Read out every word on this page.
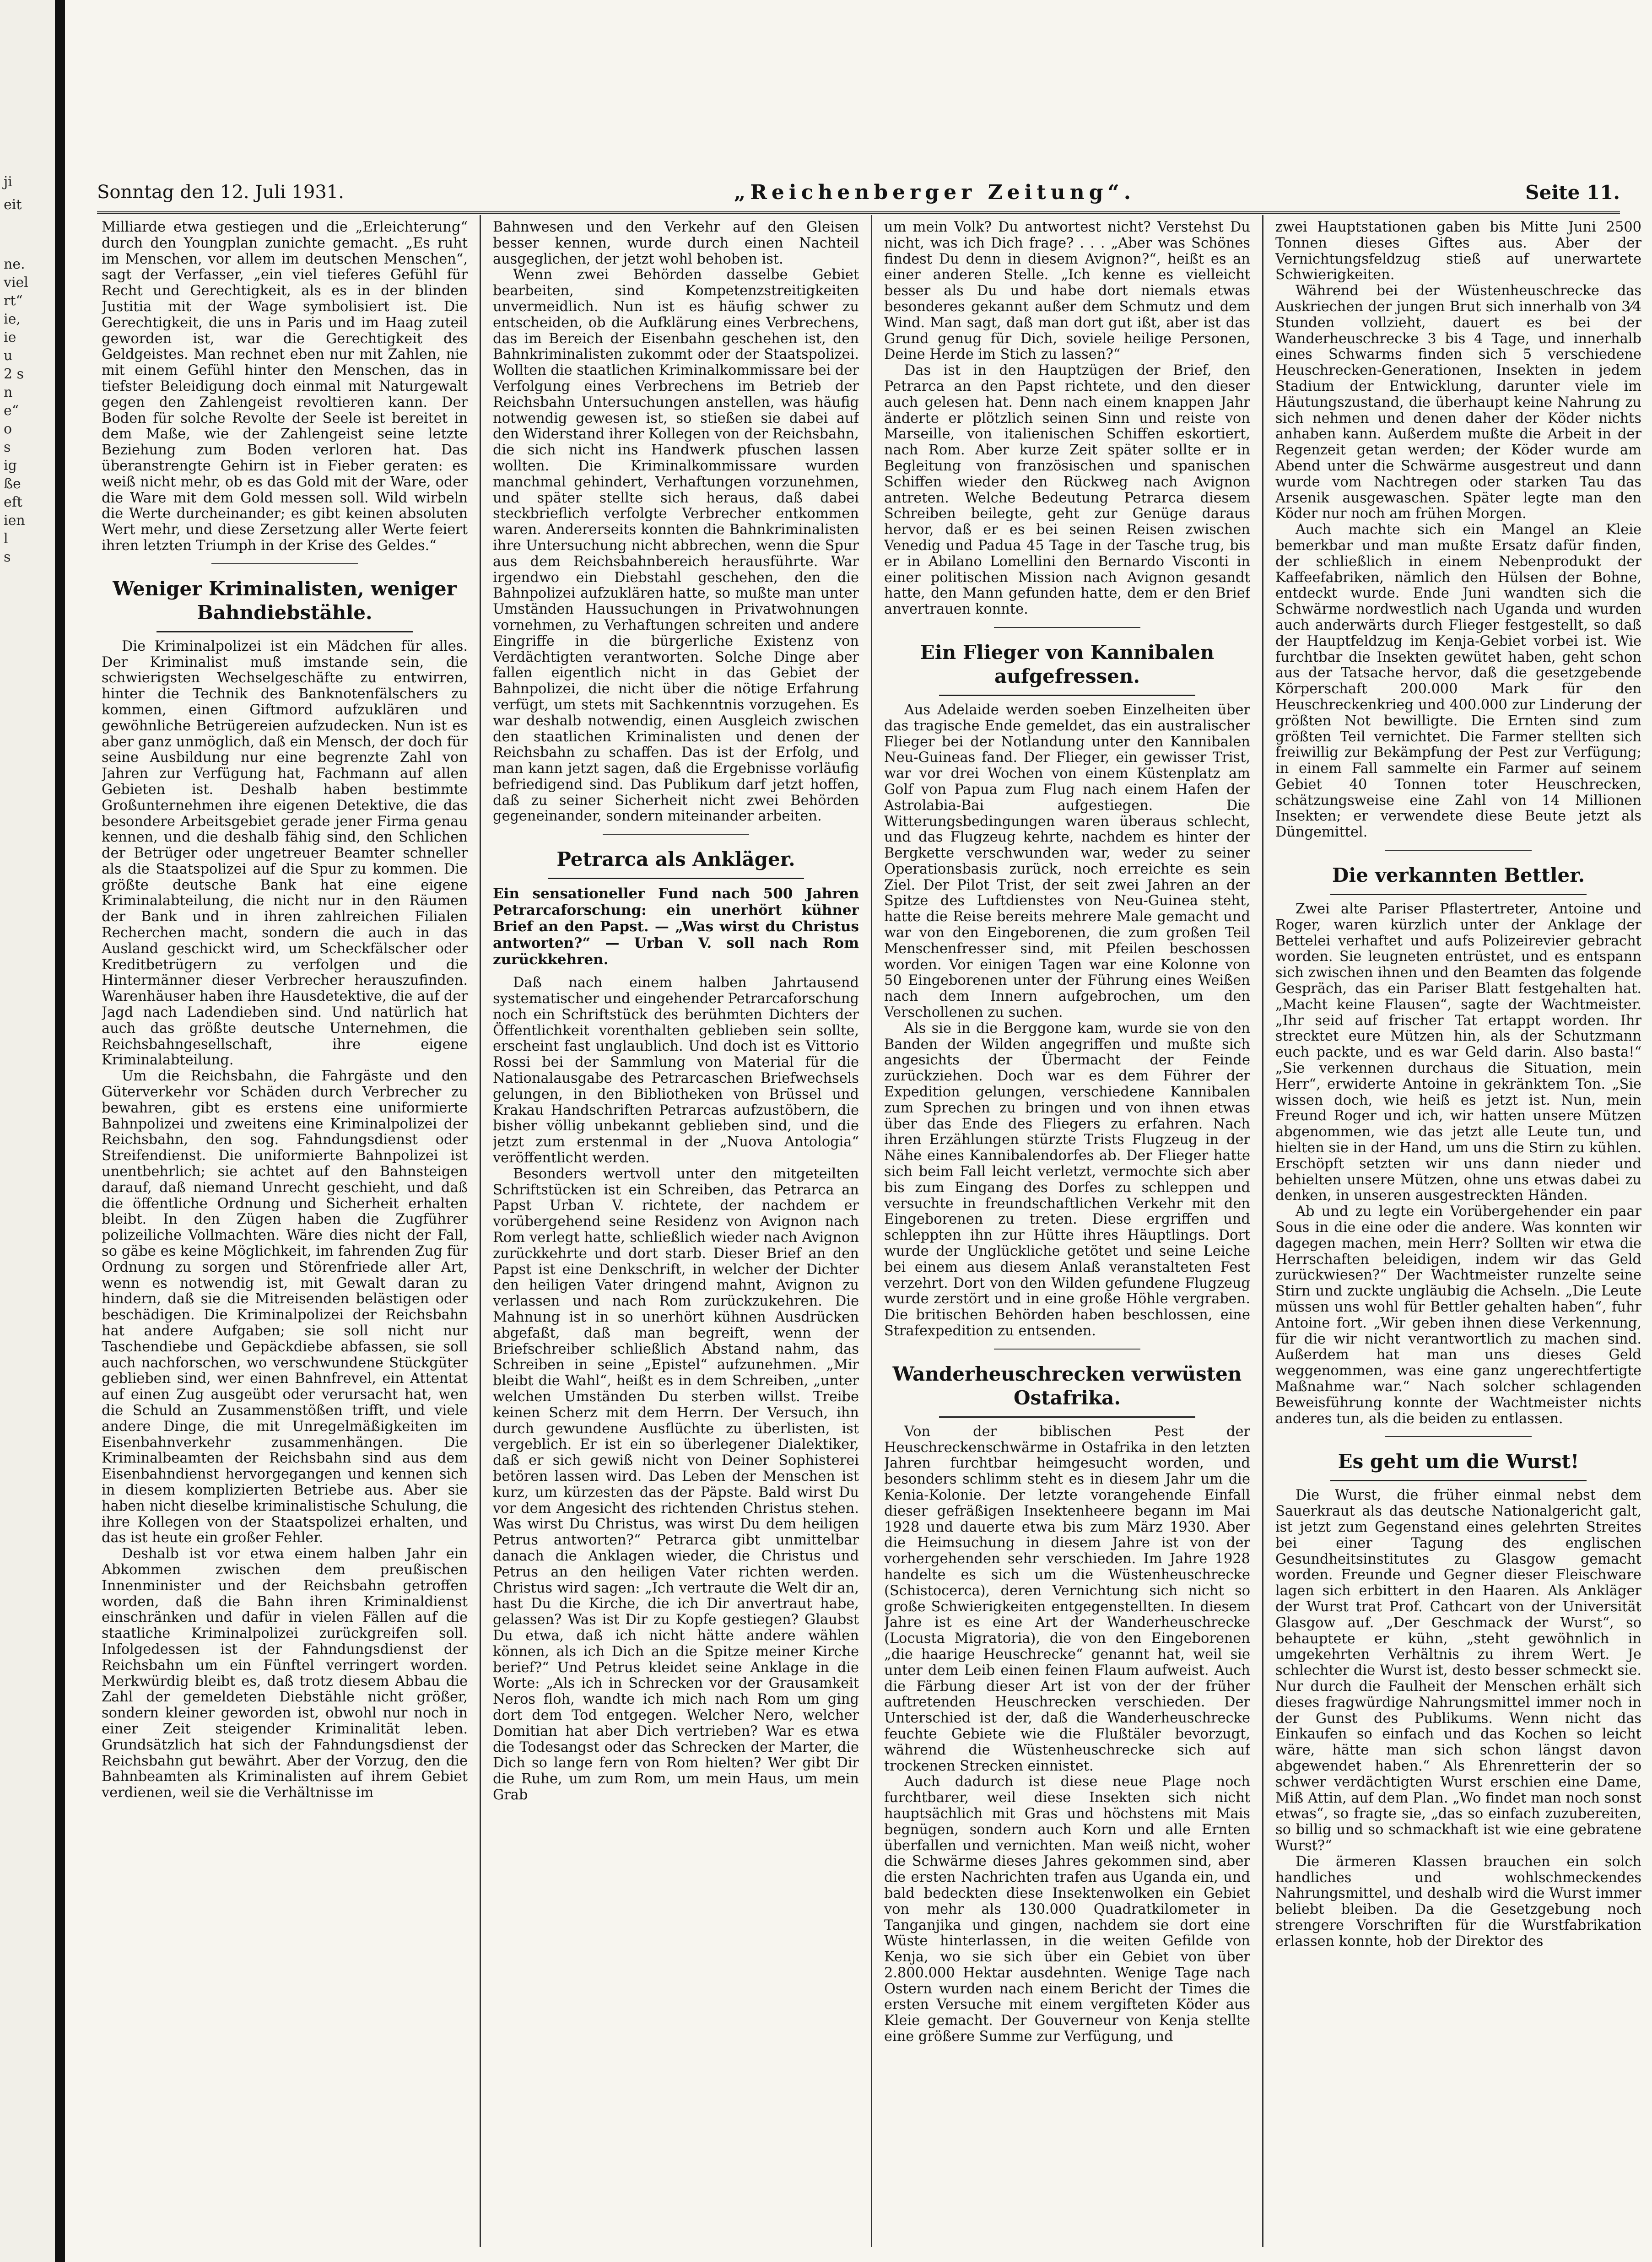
ji
eit
ne.
viel
rt“
ie,
ie
u
2 s
n
e“
o
s
ig
ße
eft
ien
l
s
Sonntag den 12. Juli 1931.	„Reichenberger Zeitung“.	Seite 11.

Milliarde etwa gestiegen und die „Erleichterung“ durch den Youngplan zunichte gemacht. „Es ruht im Menschen, vor allem im deutschen Menschen“, sagt der Verfasser, „ein viel tieferes Gefühl für Recht und Gerechtigkeit, als es in der blinden Justitia mit der Wage symbolisiert ist. Die Gerechtigkeit, die uns in Paris und im Haag zuteil geworden ist, war die Gerechtigkeit des Geldgeistes. Man rechnet eben nur mit Zahlen, nie mit einem Gefühl hinter den Menschen, das in tiefster Beleidigung doch einmal mit Naturgewalt gegen den Zahlengeist revoltieren kann. Der Boden für solche Revolte der Seele ist bereitet in dem Maße, wie der Zahlengeist seine letzte Beziehung zum Boden verloren hat. Das überanstrengte Gehirn ist in Fieber geraten: es weiß nicht mehr, ob es das Gold mit der Ware, oder die Ware mit dem Gold messen soll. Wild wirbeln die Werte durcheinander; es gibt keinen absoluten Wert mehr, und diese Zersetzung aller Werte feiert ihren letzten Triumph in der Krise des Geldes.“

Weniger Kriminalisten, weniger Bahndiebstähle.

Die Kriminalpolizei ist ein Mädchen für alles. Der Kriminalist muß imstande sein, die schwierigsten Wechselgeschäfte zu entwirren, hinter die Technik des Banknotenfälschers zu kommen, einen Giftmord aufzuklären und gewöhnliche Betrügereien aufzudecken. Nun ist es aber ganz unmöglich, daß ein Mensch, der doch für seine Ausbildung nur eine begrenzte Zahl von Jahren zur Verfügung hat, Fachmann auf allen Gebieten ist. Deshalb haben bestimmte Großunternehmen ihre eigenen Detektive, die das besondere Arbeitsgebiet gerade jener Firma genau kennen, und die deshalb fähig sind, den Schlichen der Betrüger oder ungetreuer Beamter schneller als die Staatspolizei auf die Spur zu kommen. Die größte deutsche Bank hat eine eigene Kriminalabteilung, die nicht nur in den Räumen der Bank und in ihren zahlreichen Filialen Recherchen macht, sondern die auch in das Ausland geschickt wird, um Scheckfälscher oder Kreditbetrügern zu verfolgen und die Hintermänner dieser Verbrecher herauszufinden. Warenhäuser haben ihre Hausdetektive, die auf der Jagd nach Ladendieben sind. Und natürlich hat auch das größte deutsche Unternehmen, die Reichsbahngesellschaft, ihre eigene Kriminalabteilung.

Um die Reichsbahn, die Fahrgäste und den Güterverkehr vor Schäden durch Verbrecher zu bewahren, gibt es erstens eine uniformierte Bahnpolizei und zweitens eine Kriminalpolizei der Reichsbahn, den sog. Fahndungsdienst oder Streifendienst. Die uniformierte Bahnpolizei ist unentbehrlich; sie achtet auf den Bahnsteigen darauf, daß niemand Unrecht geschieht, und daß die öffentliche Ordnung und Sicherheit erhalten bleibt. In den Zügen haben die Zugführer polizeiliche Vollmachten. Wäre dies nicht der Fall, so gäbe es keine Möglichkeit, im fahrenden Zug für Ordnung zu sorgen und Störenfriede aller Art, wenn es notwendig ist, mit Gewalt daran zu hindern, daß sie die Mitreisenden belästigen oder beschädigen. Die Kriminalpolizei der Reichsbahn hat andere Aufgaben; sie soll nicht nur Taschendiebe und Gepäckdiebe abfassen, sie soll auch nachforschen, wo verschwundene Stückgüter geblieben sind, wer einen Bahnfrevel, ein Attentat auf einen Zug ausgeübt oder verursacht hat, wen die Schuld an Zusammenstößen trifft, und viele andere Dinge, die mit Unregelmäßigkeiten im Eisenbahnverkehr zusammenhängen. Die Kriminalbeamten der Reichsbahn sind aus dem Eisenbahndienst hervorgegangen und kennen sich in diesem komplizierten Betriebe aus. Aber sie haben nicht dieselbe kriminalistische Schulung, die ihre Kollegen von der Staatspolizei erhalten, und das ist heute ein großer Fehler.

Deshalb ist vor etwa einem halben Jahr ein Abkommen zwischen dem preußischen Innenminister und der Reichsbahn getroffen worden, daß die Bahn ihren Kriminaldienst einschränken und dafür in vielen Fällen auf die staatliche Kriminalpolizei zurückgreifen soll. Infolgedessen ist der Fahndungsdienst der Reichsbahn um ein Fünftel verringert worden. Merkwürdig bleibt es, daß trotz diesem Abbau die Zahl der gemeldeten Diebstähle nicht größer, sondern kleiner geworden ist, obwohl nur noch in einer Zeit steigender Kriminalität leben. Grundsätzlich hat sich der Fahndungsdienst der Reichsbahn gut bewährt. Aber der Vorzug, den die Bahnbeamten als Kriminalisten auf ihrem Gebiet verdienen, weil sie die Verhältnisse im

Bahnwesen und den Verkehr auf den Gleisen besser kennen, wurde durch einen Nachteil ausgeglichen, der jetzt wohl behoben ist.

Wenn zwei Behörden dasselbe Gebiet bearbeiten, sind Kompetenzstreitigkeiten unvermeidlich. Nun ist es häufig schwer zu entscheiden, ob die Aufklärung eines Verbrechens, das im Bereich der Eisenbahn geschehen ist, den Bahnkriminalisten zukommt oder der Staatspolizei. Wollten die staatlichen Kriminalkommissare bei der Verfolgung eines Verbrechens im Betrieb der Reichsbahn Untersuchungen anstellen, was häufig notwendig gewesen ist, so stießen sie dabei auf den Widerstand ihrer Kollegen von der Reichsbahn, die sich nicht ins Handwerk pfuschen lassen wollten. Die Kriminalkommissare wurden manchmal gehindert, Verhaftungen vorzunehmen, und später stellte sich heraus, daß dabei steckbrieflich verfolgte Verbrecher entkommen waren. Andererseits konnten die Bahnkriminalisten ihre Untersuchung nicht abbrechen, wenn die Spur aus dem Reichsbahnbereich herausführte. War irgendwo ein Diebstahl geschehen, den die Bahnpolizei aufzuklären hatte, so mußte man unter Umständen Haussuchungen in Privatwohnungen vornehmen, zu Verhaftungen schreiten und andere Eingriffe in die bürgerliche Existenz von Verdächtigten verantworten. Solche Dinge aber fallen eigentlich nicht in das Gebiet der Bahnpolizei, die nicht über die nötige Erfahrung verfügt, um stets mit Sachkenntnis vorzugehen. Es war deshalb notwendig, einen Ausgleich zwischen den staatlichen Kriminalisten und denen der Reichsbahn zu schaffen. Das ist der Erfolg, und man kann jetzt sagen, daß die Ergebnisse vorläufig befriedigend sind. Das Publikum darf jetzt hoffen, daß zu seiner Sicherheit nicht zwei Behörden gegeneinander, sondern miteinander arbeiten.

Petrarca als Ankläger.
Ein sensationeller Fund nach 500 Jahren Petrarcaforschung: ein unerhört kühner Brief an den Papst. — „Was wirst du Christus antworten?“ — Urban V. soll nach Rom zurückkehren.

Daß nach einem halben Jahrtausend systematischer und eingehender Petrarcaforschung noch ein Schriftstück des berühmten Dichters der Öffentlichkeit vorenthalten geblieben sein sollte, erscheint fast unglaublich. Und doch ist es Vittorio Rossi bei der Sammlung von Material für die Nationalausgabe des Petrarcaschen Briefwechsels gelungen, in den Bibliotheken von Brüssel und Krakau Handschriften Petrarcas aufzustöbern, die bisher völlig unbekannt geblieben sind, und die jetzt zum erstenmal in der „Nuova Antologia“ veröffentlicht werden.

Besonders wertvoll unter den mitgeteilten Schriftstücken ist ein Schreiben, das Petrarca an Papst Urban V. richtete, der nachdem er vorübergehend seine Residenz von Avignon nach Rom verlegt hatte, schließlich wieder nach Avignon zurückkehrte und dort starb. Dieser Brief an den Papst ist eine Denkschrift, in welcher der Dichter den heiligen Vater dringend mahnt, Avignon zu verlassen und nach Rom zurückzukehren. Die Mahnung ist in so unerhört kühnen Ausdrücken abgefaßt, daß man begreift, wenn der Briefschreiber schließlich Abstand nahm, das Schreiben in seine „Epistel“ aufzunehmen. „Mir bleibt die Wahl“, heißt es in dem Schreiben, „unter welchen Umständen Du sterben willst. Treibe keinen Scherz mit dem Herrn. Der Versuch, ihn durch gewundene Ausflüchte zu überlisten, ist vergeblich. Er ist ein so überlegener Dialektiker, daß er sich gewiß nicht von Deiner Sophisterei betören lassen wird. Das Leben der Menschen ist kurz, um kürzesten das der Päpste. Bald wirst Du vor dem Angesicht des richtenden Christus stehen. Was wirst Du Christus, was wirst Du dem heiligen Petrus antworten?“ Petrarca gibt unmittelbar danach die Anklagen wieder, die Christus und Petrus an den heiligen Vater richten werden. Christus wird sagen: „Ich vertraute die Welt dir an, hast Du die Kirche, die ich Dir anvertraut habe, gelassen? Was ist Dir zu Kopfe gestiegen? Glaubst Du etwa, daß ich nicht hätte andere wählen können, als ich Dich an die Spitze meiner Kirche berief?“ Und Petrus kleidet seine Anklage in die Worte: „Als ich in Schrecken vor der Grausamkeit Neros floh, wandte ich mich nach Rom um ging dort dem Tod entgegen. Welcher Nero, welcher Domitian hat aber Dich vertrieben? War es etwa die Todesangst oder das Schrecken der Marter, die Dich so lange fern von Rom hielten? Wer gibt Dir die Ruhe, um zum Rom, um mein Haus, um mein Grab

um mein Volk? Du antwortest nicht? Verstehst Du nicht, was ich Dich frage? . . . „Aber was Schönes findest Du denn in diesem Avignon?“, heißt es an einer anderen Stelle. „Ich kenne es vielleicht besser als Du und habe dort niemals etwas besonderes gekannt außer dem Schmutz und dem Wind. Man sagt, daß man dort gut ißt, aber ist das Grund genug für Dich, soviele heilige Personen, Deine Herde im Stich zu lassen?“

Das ist in den Hauptzügen der Brief, den Petrarca an den Papst richtete, und den dieser auch gelesen hat. Denn nach einem knappen Jahr änderte er plötzlich seinen Sinn und reiste von Marseille, von italienischen Schiffen eskortiert, nach Rom. Aber kurze Zeit später sollte er in Begleitung von französischen und spanischen Schiffen wieder den Rückweg nach Avignon antreten. Welche Bedeutung Petrarca diesem Schreiben beilegte, geht zur Genüge daraus hervor, daß er es bei seinen Reisen zwischen Venedig und Padua 45 Tage in der Tasche trug, bis er in Abilano Lomellini den Bernardo Visconti in einer politischen Mission nach Avignon gesandt hatte, den Mann gefunden hatte, dem er den Brief anvertrauen konnte.

Ein Flieger von Kannibalen aufgefressen.

Aus Adelaide werden soeben Einzelheiten über das tragische Ende gemeldet, das ein australischer Flieger bei der Notlandung unter den Kannibalen Neu-Guineas fand. Der Flieger, ein gewisser Trist, war vor drei Wochen von einem Küstenplatz am Golf von Papua zum Flug nach einem Hafen der Astrolabia-Bai aufgestiegen. Die Witterungsbedingungen waren überaus schlecht, und das Flugzeug kehrte, nachdem es hinter der Bergkette verschwunden war, weder zu seiner Operationsbasis zurück, noch erreichte es sein Ziel. Der Pilot Trist, der seit zwei Jahren an der Spitze des Luftdienstes von Neu-Guinea steht, hatte die Reise bereits mehrere Male gemacht und war von den Eingeborenen, die zum großen Teil Menschenfresser sind, mit Pfeilen beschossen worden. Vor einigen Tagen war eine Kolonne von 50 Eingeborenen unter der Führung eines Weißen nach dem Innern aufgebrochen, um den Verschollenen zu suchen.

Als sie in die Berggone kam, wurde sie von den Banden der Wilden angegriffen und mußte sich angesichts der Übermacht der Feinde zurückziehen. Doch war es dem Führer der Expedition gelungen, verschiedene Kannibalen zum Sprechen zu bringen und von ihnen etwas über das Ende des Fliegers zu erfahren. Nach ihren Erzählungen stürzte Trists Flugzeug in der Nähe eines Kannibalendorfes ab. Der Flieger hatte sich beim Fall leicht verletzt, vermochte sich aber bis zum Eingang des Dorfes zu schleppen und versuchte in freundschaftlichen Verkehr mit den Eingeborenen zu treten. Diese ergriffen und schleppten ihn zur Hütte ihres Häuptlings. Dort wurde der Unglückliche getötet und seine Leiche bei einem aus diesem Anlaß veranstalteten Fest verzehrt. Dort von den Wilden gefundene Flugzeug wurde zerstört und in eine große Höhle vergraben. Die britischen Behörden haben beschlossen, eine Strafexpedition zu entsenden.

Wanderheuschrecken verwüsten Ostafrika.

Von der biblischen Pest der Heuschreckenschwärme in Ostafrika in den letzten Jahren furchtbar heimgesucht worden, und besonders schlimm steht es in diesem Jahr um die Kenia-Kolonie. Der letzte vorangehende Einfall dieser gefräßigen Insektenheere begann im Mai 1928 und dauerte etwa bis zum März 1930. Aber die Heimsuchung in diesem Jahre ist von der vorhergehenden sehr verschieden. Im Jahre 1928 handelte es sich um die Wüstenheuschrecke (Schistocerca), deren Vernichtung sich nicht so große Schwierigkeiten entgegenstellten. In diesem Jahre ist es eine Art der Wanderheuschrecke (Locusta Migratoria), die von den Eingeborenen „die haarige Heuschrecke“ genannt hat, weil sie unter dem Leib einen feinen Flaum aufweist. Auch die Färbung dieser Art ist von der der früher auftretenden Heuschrecken verschieden. Der Unterschied ist der, daß die Wanderheuschrecke feuchte Gebiete wie die Flußtäler bevorzugt, während die Wüstenheuschrecke sich auf trockenen Strecken einnistet.

Auch dadurch ist diese neue Plage noch furchtbarer, weil diese Insekten sich nicht hauptsächlich mit Gras und höchstens mit Mais begnügen, sondern auch Korn und alle Ernten überfallen und vernichten. Man weiß nicht, woher die Schwärme dieses Jahres gekommen sind, aber die ersten Nachrichten trafen aus Uganda ein, und bald bedeckten diese Insektenwolken ein Gebiet von mehr als 130.000 Quadratkilometer in Tanganjika und gingen, nachdem sie dort eine Wüste hinterlassen, in die weiten Gefilde von Kenja, wo sie sich über ein Gebiet von über 2.800.000 Hektar ausdehnten. Wenige Tage nach Ostern wurden nach einem Bericht der Times die ersten Versuche mit einem vergifteten Köder aus Kleie gemacht. Der Gouverneur von Kenja stellte eine größere Summe zur Verfügung, und

zwei Hauptstationen gaben bis Mitte Juni 2500 Tonnen dieses Giftes aus. Aber der Vernichtungsfeldzug stieß auf unerwartete Schwierigkeiten.

Während bei der Wüstenheuschrecke das Auskriechen der jungen Brut sich innerhalb von 3⁄4 Stunden vollzieht, dauert es bei der Wanderheuschrecke 3 bis 4 Tage, und innerhalb eines Schwarms finden sich 5 verschiedene Heuschrecken-Generationen, Insekten in jedem Stadium der Entwicklung, darunter viele im Häutungszustand, die überhaupt keine Nahrung zu sich nehmen und denen daher der Köder nichts anhaben kann. Außerdem mußte die Arbeit in der Regenzeit getan werden; der Köder wurde am Abend unter die Schwärme ausgestreut und dann wurde vom Nachtregen oder starken Tau das Arsenik ausgewaschen. Später legte man den Köder nur noch am frühen Morgen.

Auch machte sich ein Mangel an Kleie bemerkbar und man mußte Ersatz dafür finden, der schließlich in einem Nebenprodukt der Kaffeefabriken, nämlich den Hülsen der Bohne, entdeckt wurde. Ende Juni wandten sich die Schwärme nordwestlich nach Uganda und wurden auch anderwärts durch Flieger festgestellt, so daß der Hauptfeldzug im Kenja-Gebiet vorbei ist. Wie furchtbar die Insekten gewütet haben, geht schon aus der Tatsache hervor, daß die gesetzgebende Körperschaft 200.000 Mark für den Heuschreckenkrieg und 400.000 zur Linderung der größten Not bewilligte. Die Ernten sind zum größten Teil vernichtet. Die Farmer stellten sich freiwillig zur Bekämpfung der Pest zur Verfügung; in einem Fall sammelte ein Farmer auf seinem Gebiet 40 Tonnen toter Heuschrecken, schätzungsweise eine Zahl von 14 Millionen Insekten; er verwendete diese Beute jetzt als Düngemittel.

Die verkannten Bettler.

Zwei alte Pariser Pflastertreter, Antoine und Roger, waren kürzlich unter der Anklage der Bettelei verhaftet und aufs Polizeirevier gebracht worden. Sie leugneten entrüstet, und es entspann sich zwischen ihnen und den Beamten das folgende Gespräch, das ein Pariser Blatt festgehalten hat. „Macht keine Flausen“, sagte der Wachtmeister. „Ihr seid auf frischer Tat ertappt worden. Ihr strecktet eure Mützen hin, als der Schutzmann euch packte, und es war Geld darin. Also basta!“ „Sie verkennen durchaus die Situation, mein Herr“, erwiderte Antoine in gekränktem Ton. „Sie wissen doch, wie heiß es jetzt ist. Nun, mein Freund Roger und ich, wir hatten unsere Mützen abgenommen, wie das jetzt alle Leute tun, und hielten sie in der Hand, um uns die Stirn zu kühlen. Erschöpft setzten wir uns dann nieder und behielten unsere Mützen, ohne uns etwas dabei zu denken, in unseren ausgestreckten Händen.

Ab und zu legte ein Vorübergehender ein paar Sous in die eine oder die andere. Was konnten wir dagegen machen, mein Herr? Sollten wir etwa die Herrschaften beleidigen, indem wir das Geld zurückwiesen?“ Der Wachtmeister runzelte seine Stirn und zuckte ungläubig die Achseln. „Die Leute müssen uns wohl für Bettler gehalten haben“, fuhr Antoine fort. „Wir geben ihnen diese Verkennung, für die wir nicht verantwortlich zu machen sind. Außerdem hat man uns dieses Geld weggenommen, was eine ganz ungerechtfertigte Maßnahme war.“ Nach solcher schlagenden Beweisführung konnte der Wachtmeister nichts anderes tun, als die beiden zu entlassen.

Es geht um die Wurst!

Die Wurst, die früher einmal nebst dem Sauerkraut als das deutsche Nationalgericht galt, ist jetzt zum Gegenstand eines gelehrten Streites bei einer Tagung des englischen Gesundheitsinstitutes zu Glasgow gemacht worden. Freunde und Gegner dieser Fleischware lagen sich erbittert in den Haaren. Als Ankläger der Wurst trat Prof. Cathcart von der Universität Glasgow auf. „Der Geschmack der Wurst“, so behauptete er kühn, „steht gewöhnlich in umgekehrten Verhältnis zu ihrem Wert. Je schlechter die Wurst ist, desto besser schmeckt sie. Nur durch die Faulheit der Menschen erhält sich dieses fragwürdige Nahrungsmittel immer noch in der Gunst des Publikums. Wenn nicht das Einkaufen so einfach und das Kochen so leicht wäre, hätte man sich schon längst davon abgewendet haben.“ Als Ehrenretterin der so schwer verdächtigten Wurst erschien eine Dame, Miß Attin, auf dem Plan. „Wo findet man noch sonst etwas“, so fragte sie, „das so einfach zuzubereiten, so billig und so schmackhaft ist wie eine gebratene Wurst?“

Die ärmeren Klassen brauchen ein solch handliches und wohlschmeckendes Nahrungsmittel, und deshalb wird die Wurst immer beliebt bleiben. Da die Gesetzgebung noch strengere Vorschriften für die Wurstfabrikation erlassen konnte, hob der Direktor des
